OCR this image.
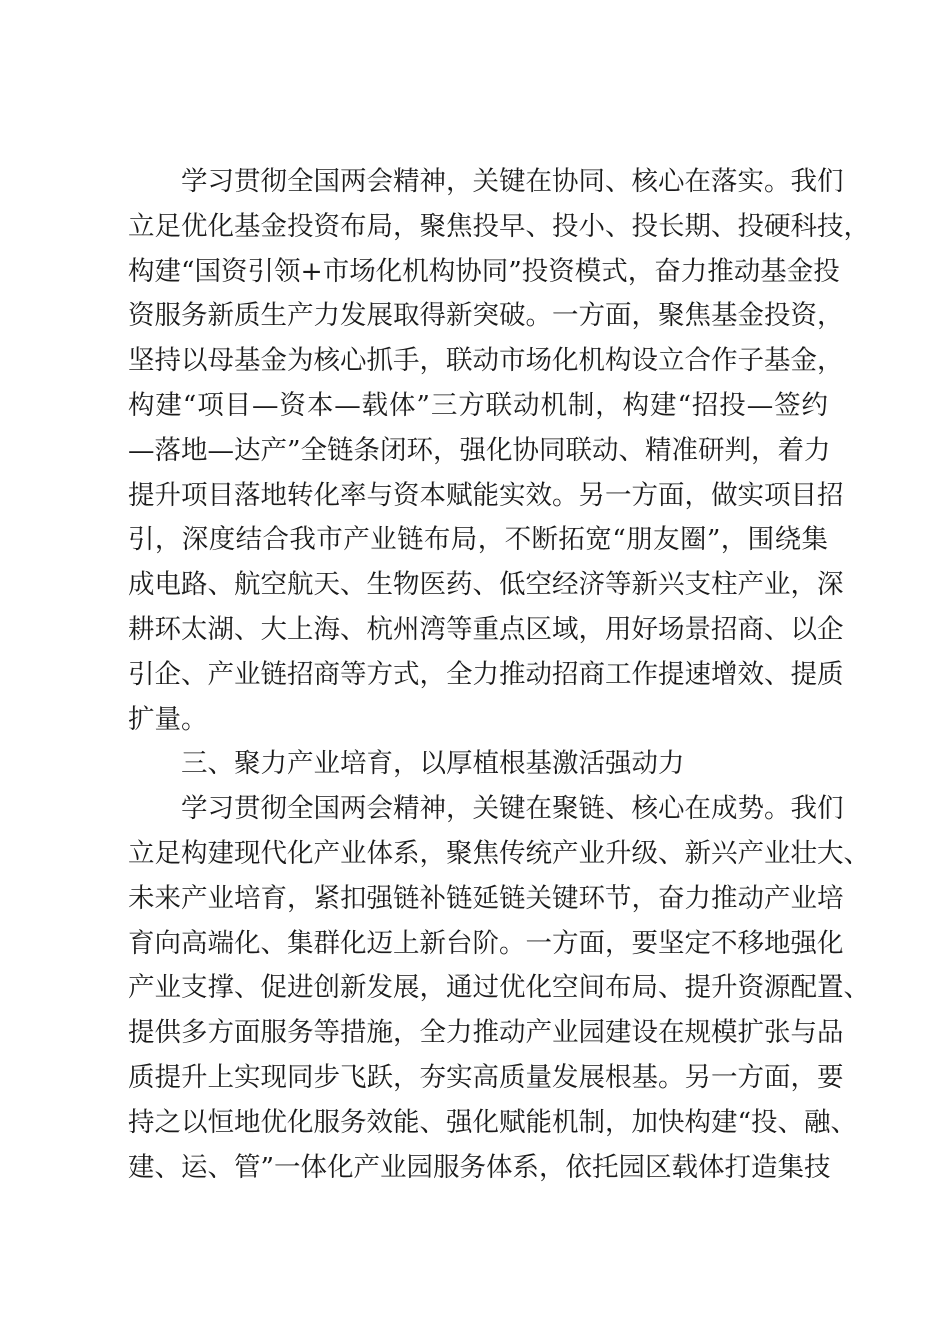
学习贯彻全国两会精神，关键在协同、核心在落实。我们
立足优化基金投资布局，聚焦投早、投小、投长期、投硬科技，
构建“国资引领+市场化机构协同”投资模式，奋力推动基金投
资服务新质生产力发展取得新突破。一方面，聚焦基金投资，
坚持以母基金为核心抓手，联动市场化机构设立合作子基金，
构建“项目—资本—载体”三方联动机制，构建“招投—签约
—落地—达产”全链条闭环，强化协同联动、精准研判，着力
提升项目落地转化率与资本赋能实效。另一方面，做实项目招
引，深度结合我市产业链布局，不断拓宽“朋友圈”，围绕集
成电路、航空航天、生物医药、低空经济等新兴支柱产业，深
耕环太湖、大上海、杭州湾等重点区域，用好场景招商、以企
引企、产业链招商等方式，全力推动招商工作提速增效、提质
扩量。
三、聚力产业培育，以厚植根基激活强动力
学习贯彻全国两会精神，关键在聚链、核心在成势。我们
立足构建现代化产业体系，聚焦传统产业升级、新兴产业壮大、
未来产业培育，紧扣强链补链延链关键环节，奋力推动产业培
育向高端化、集群化迈上新台阶。一方面，要坚定不移地强化
产业支撑、促进创新发展，通过优化空间布局、提升资源配置、
提供多方面服务等措施，全力推动产业园建设在规模扩张与品
质提升上实现同步飞跃，夯实高质量发展根基。另一方面，要
持之以恒地优化服务效能、强化赋能机制，加快构建“投、融、
建、运、管”一体化产业园服务体系，依托园区载体打造集技
